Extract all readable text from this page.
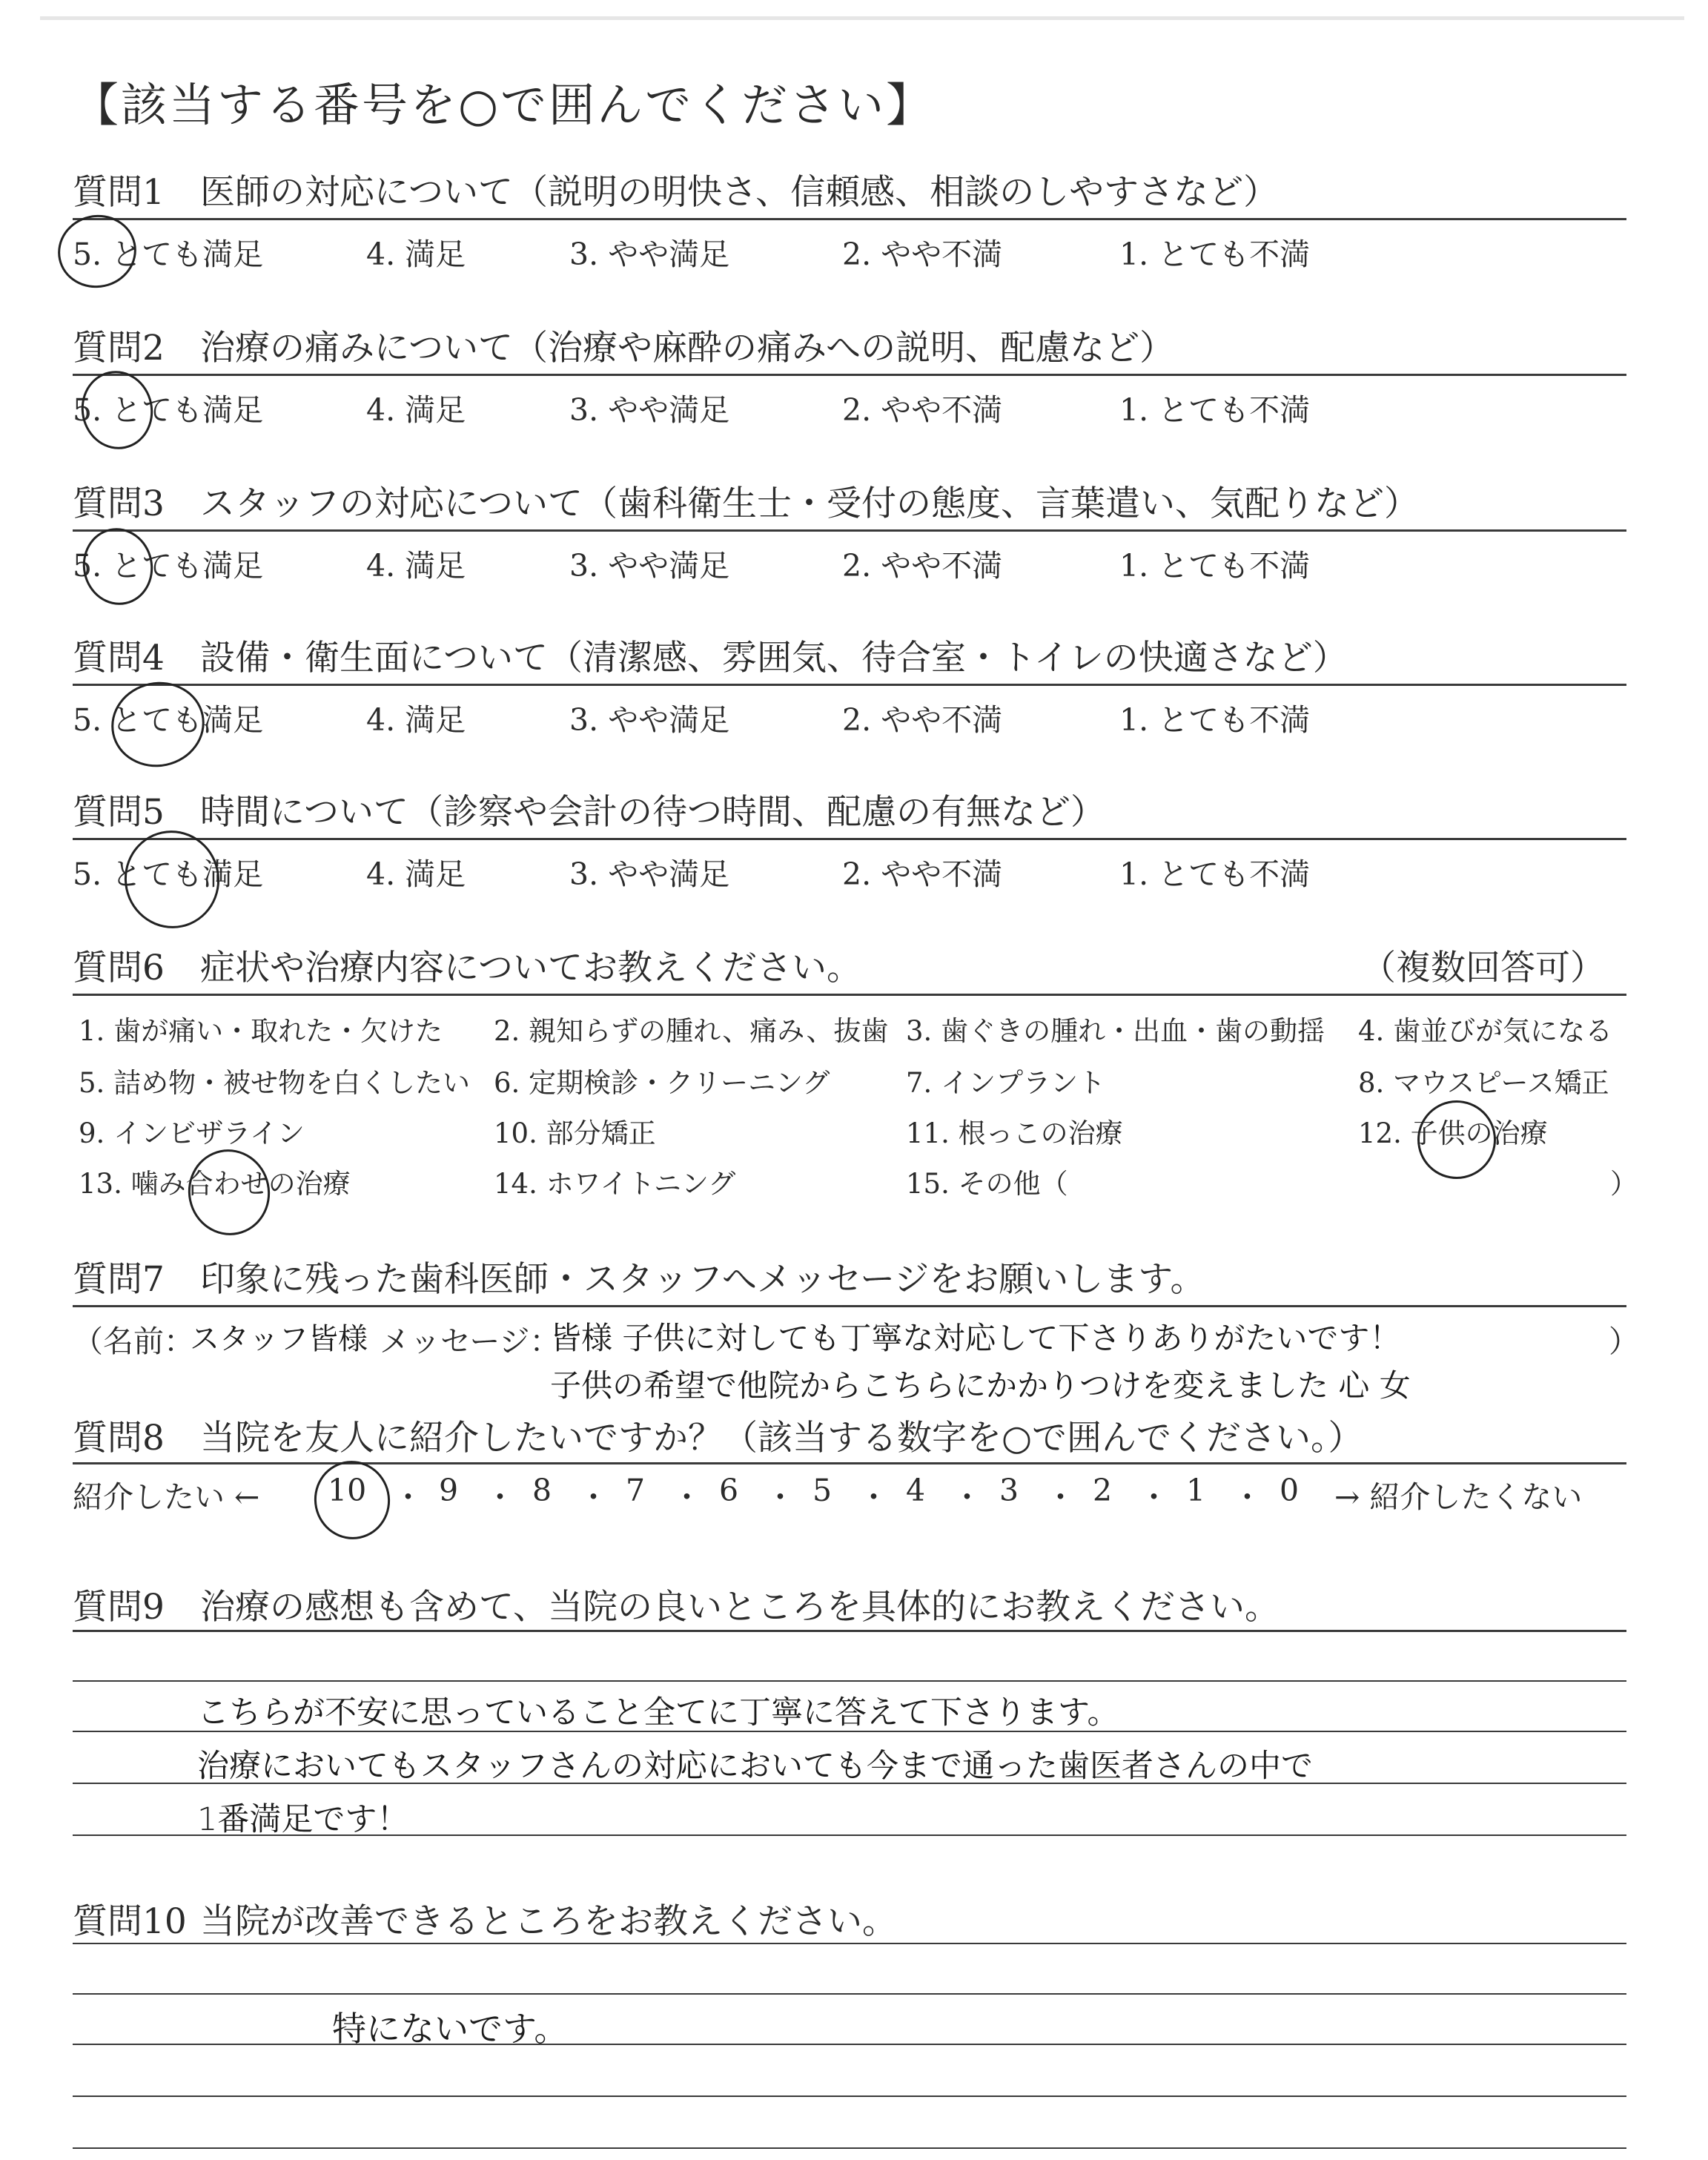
【該当する番号を○で囲んでください】
質問1 医師の対応について（説明の明快さ、信頼感、相談のしやすさなど）
5. とても満足	4. 満足	3. やや満足	2. やや不満	1. とても不満
質問2 治療の痛みについて（治療や麻酔の痛みへの説明、配慮など）
5. とても満足	4. 満足	3. やや満足	2. やや不満	1. とても不満
質問3 スタッフの対応について（歯科衛生士・受付の態度、言葉遣い、気配りなど）
5. とても満足	4. 満足	3. やや満足	2. やや不満	1. とても不満
質問4 設備・衛生面について（清潔感、雰囲気、待合室・トイレの快適さなど）
5. とても満足	4. 満足	3. やや満足	2. やや不満	1. とても不満
質問5 時間について（診察や会計の待つ時間、配慮の有無など）
5. とても満足	4. 満足	3. やや満足	2. やや不満	1. とても不満
質問6 症状や治療内容についてお教えください。	（複数回答可）
1. 歯が痛い・取れた・欠けた 2. 親知らずの腫れ、痛み、抜歯 3. 歯ぐきの腫れ・出血・歯の動揺 4. 歯並びが気になる
5. 詰め物・被せ物を白くしたい 6. 定期検診・クリーニング	7. インプラント	8. マウスピース矯正
9. インビザライン	10. 部分矯正	11. 根っこの治療	12. 子供の治療
13. 噛み合わせの治療	14. ホワイトニング	15. その他（	）
質問7 印象に残った歯科医師・スタッフへメッセージをお願いします。
（名前：
スタッフ皆様 メッセージ：
皆様 子供に対しても丁寧な対応して下さりありがたいです！	）
子供の希望で他院からこちらにかかりつけを変えました 心 女
質問8 当院を友人に紹介したいですか？（該当する数字を○で囲んでください。）
紹介したい ← 10 ・ 9 ・ 8 ・ 7 ・ 6 ・ 5 ・ 4 ・ 3 ・ 2 ・ 1 ・ 0 → 紹介したくない
質問9 治療の感想も含めて、当院の良いところを具体的にお教えください。
こちらが不安に思っていること全てに丁寧に答えて下さります。
治療においてもスタッフさんの対応においても今まで通った歯医者さんの中で
1番満足です！
質問10 当院が改善できるところをお教えください。
特にないです。
